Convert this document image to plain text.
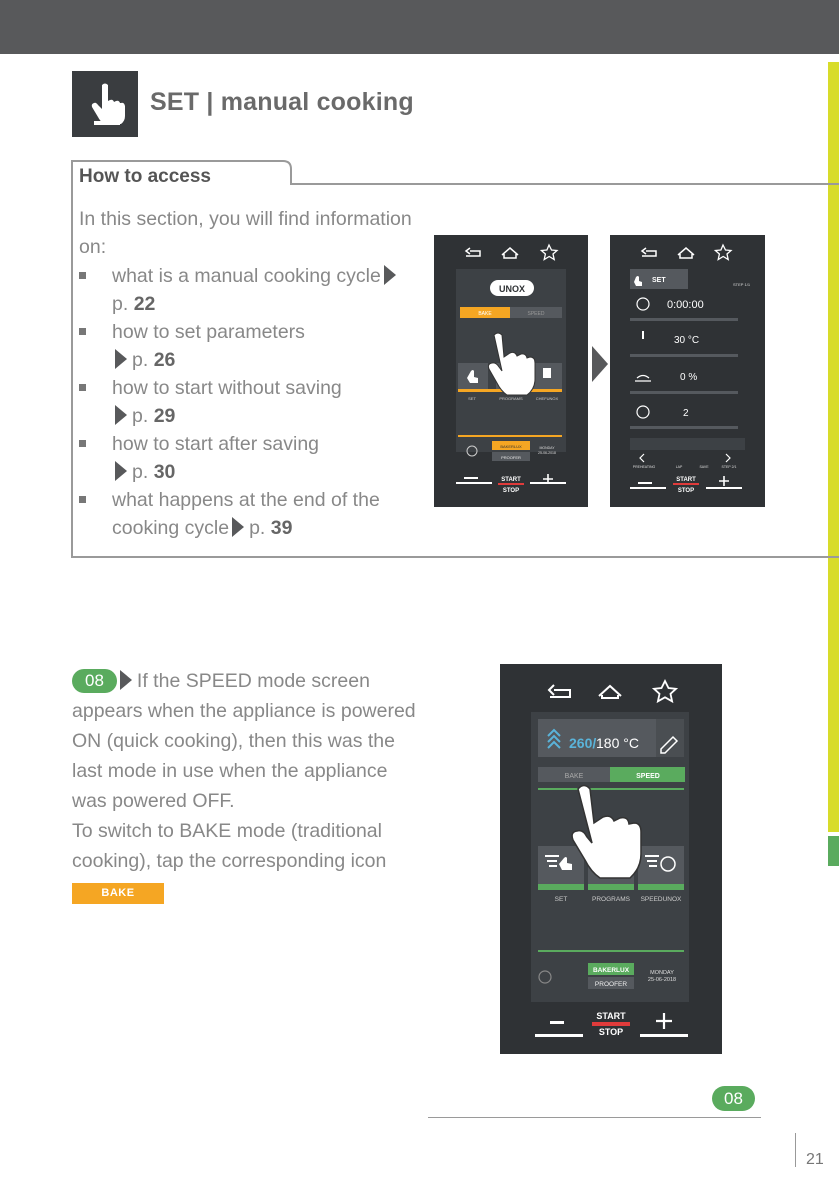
SET | manual cooking
How to access
In this section, you will find information on:
what is a manual cooking cyclep. 22
how to set parameters
p. 26
how to start without saving
p. 29
how to start after saving
p. 30
what happens at the end of the cooking cycle p. 39
UNOX
BAKE	SPEED
SET	PROGRAMS	CHEFUNOX
BAKERLUX
PROOFER
MONDAY
25-06-2018
START
STOP
SET
STEP 1/1
0:00:00
30 °C
0 %
2
PREHEATING	LAP	SAVE	STEP 2/1
START
STOP
08 If the SPEED mode screen appears when the appliance is powered ON (quick cooking), then this was the last mode in use when the appliance was powered OFF.
To switch to BAKE mode (traditional cooking), tap the corresponding icon BAKE
260/ 180 °C
BAKE	SPEED
SET	PROGRAMS SPEEDUNOX
BAKERLUX
PROOFER
MONDAY
25-06-2018
START
STOP
08
21
